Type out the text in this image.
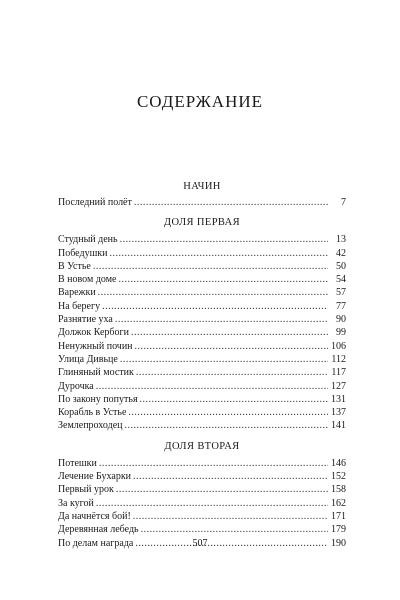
СОДЕРЖАНИЕ
НАЧИН
Последний полёт . . .	7
ДОЛЯ ПЕРВАЯ
Студный день . . .	13
Победушки . . .	42
В Устье . . .	50
В новом доме . . .	54
Варежки . . .	57
На берегу . . .	77
Разнятие уха . . .	90
Должок Кербоги . . .	99
Ненужный почин . . .	106
Улица Дивьце . . .	112
Глиняный мостик . . .	117
Дурочка . . .	127
По закону попутья . . .	131
Корабль в Устье . . .	137
Землепроходец . . .	141
ДОЛЯ ВТОРАЯ
Потешки . . .	146
Лечение Бухарки . . .	152
Первый урок . . .	158
За кугой . . .	162
Да начнётся бой! . . .	171
Деревянная лебедь . . .	179
По делам награда . . .	190
507
